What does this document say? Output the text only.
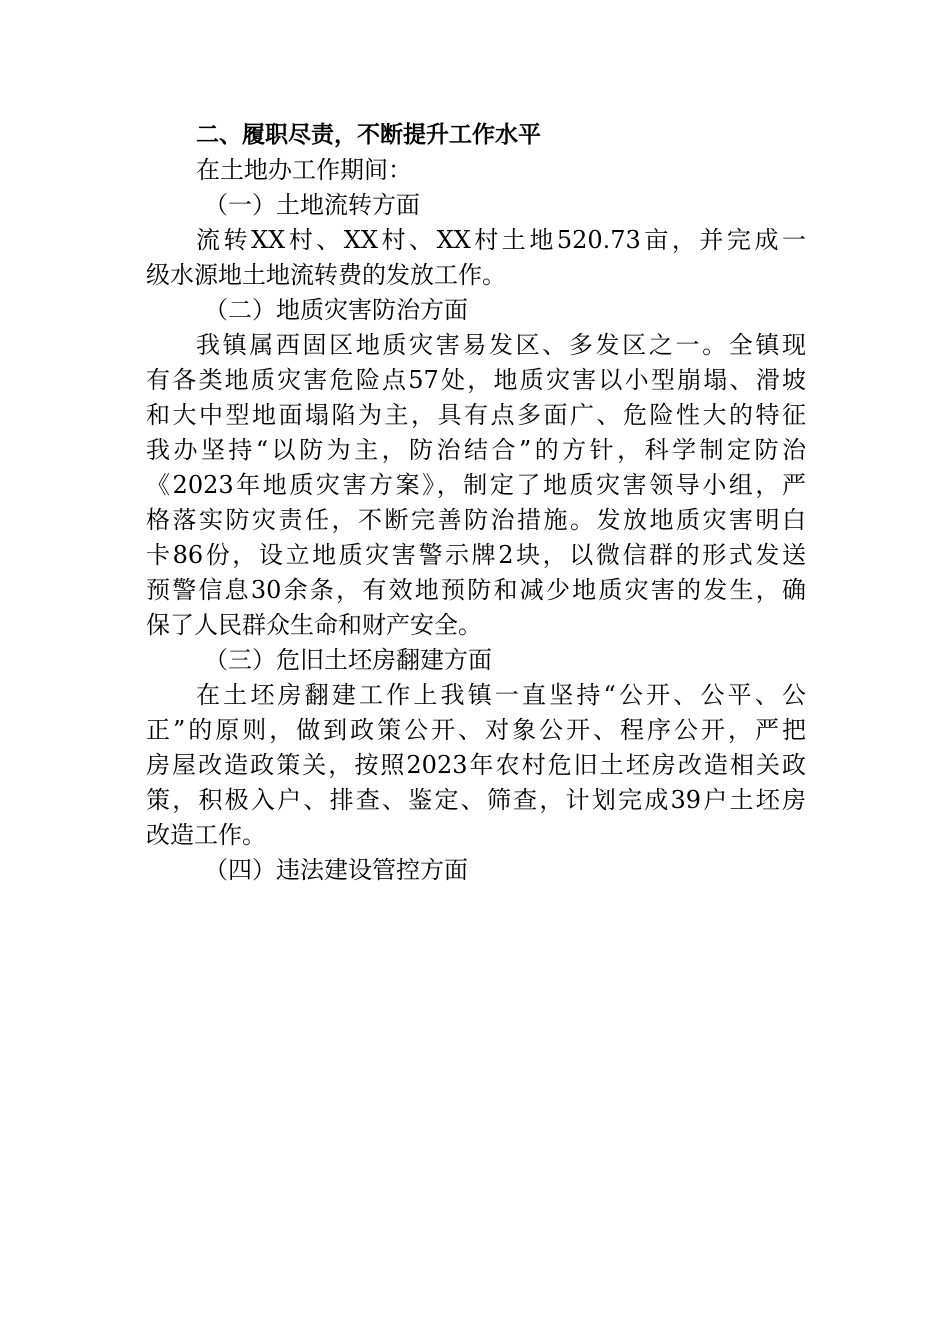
二、履职尽责，不断提升工作水平
在土地办工作期间：
（一）土地流转方面
流转XX村、XX村、XX村土地520.73亩，并完成一
级水源地土地流转费的发放工作。
（二）地质灾害防治方面
我镇属西固区地质灾害易发区、多发区之一。全镇现
有各类地质灾害危险点57处，地质灾害以小型崩塌、滑坡
和大中型地面塌陷为主，具有点多面广、危险性大的特征
我办坚持“以防为主，防治结合”的方针，科学制定防治
《2023年地质灾害方案》，制定了地质灾害领导小组，严
格落实防灾责任，不断完善防治措施。发放地质灾害明白
卡86份，设立地质灾害警示牌2块，以微信群的形式发送
预警信息30余条，有效地预防和减少地质灾害的发生，确
保了人民群众生命和财产安全。
（三）危旧土坯房翻建方面
在土坯房翻建工作上我镇一直坚持“公开、公平、公
正”的原则，做到政策公开、对象公开、程序公开，严把
房屋改造政策关，按照2023年农村危旧土坯房改造相关政
策，积极入户、排查、鉴定、筛查，计划完成39户土坯房
改造工作。
（四）违法建设管控方面
